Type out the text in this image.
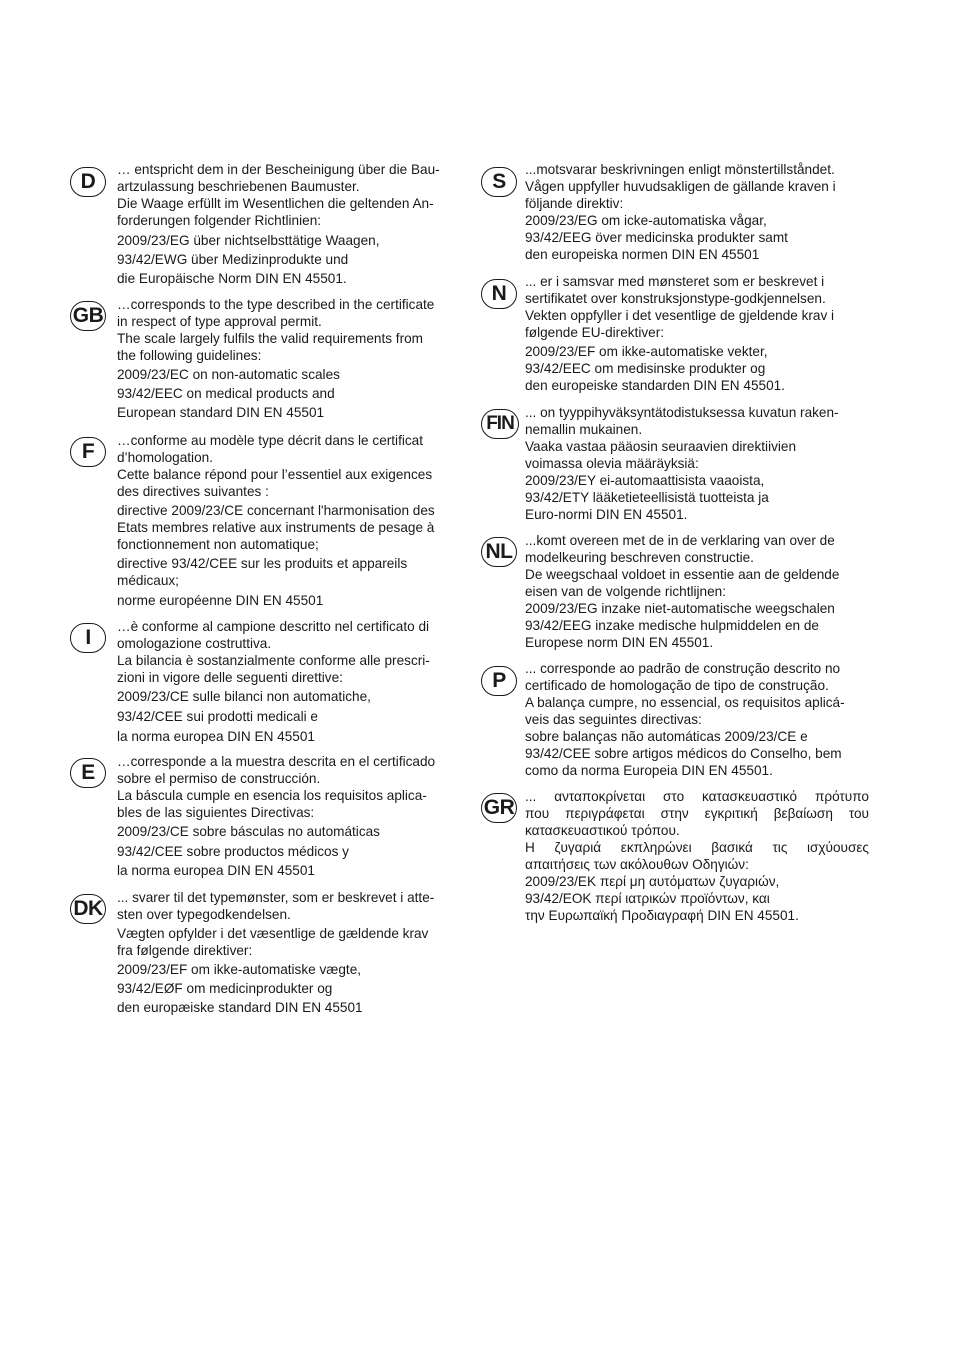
D
… entspricht dem in der Bescheinigung über die Bau-
artzulassung beschriebenen Baumuster.
Die Waage erfüllt im Wesentlichen die geltenden An-
forderungen folgender Richtlinien:
2009/23/EG über nichtselbsttätige Waagen,
93/42/EWG über Medizinprodukte und
die Europäische Norm DIN EN 45501.
GB …corresponds to the type described in the certificate
in respect of type approval permit.
The scale largely fulfils the valid requirements from
the following guidelines:
2009/23/EC on non-automatic scales
93/42/EEC on medical products and
European standard DIN EN 45501
F	…conforme au modèle type décrit dans le certificat
d’homologation.
Cette balance répond pour l’essentiel aux exigences
des directives suivantes :
directive 2009/23/CE concernant l'harmonisation des
Etats membres relative aux instruments de pesage à
fonctionnement non automatique;
directive 93/42/CEE sur les produits et appareils
médicaux;
norme européenne DIN EN 45501
I	…è conforme al campione descritto nel certificato di
omologazione costruttiva.
La bilancia è sostanzialmente conforme alle prescri-
zioni in vigore delle seguenti direttive:
2009/23/CE sulle bilanci non automatiche,
93/42/CEE sui prodotti medicali e
la norma europea DIN EN 45501
E	…corresponde a la muestra descrita en el certificado
sobre el permiso de construcción.
La báscula cumple en esencia los requisitos aplica-
bles de las siguientes Directivas:
2009/23/CE sobre básculas no automáticas
93/42/CEE sobre productos médicos y
la norma europea DIN EN 45501
DK ... svarer til det typemønster, som er beskrevet i atte-
sten over typegodkendelsen.
Vægten opfylder i det væsentlige de gældende krav
fra følgende direktiver:
2009/23/EF om ikke-automatiske vægte,
93/42/EØF om medicinprodukter og
den europæiske standard DIN EN 45501
S
...motsvarar beskrivningen enligt mönstertillståndet.
Vågen uppfyller huvudsakligen de gällande kraven i
följande direktiv:
2009/23/EG om icke-automatiska vågar,
93/42/EEG över medicinska produkter samt
den europeiska normen DIN EN 45501
N
... er i samsvar med mønsteret som er beskrevet i
sertifikatet over konstruksjonstype-godkjennelsen.
Vekten oppfyller i det vesentlige de gjeldende krav i
følgende EU-direktiver:
2009/23/EF om ikke-automatiske vekter,
93/42/EEC om medisinske produkter og
den europeiske standarden DIN EN 45501.
FIN
... on tyyppihyväksyntätodistuksessa kuvatun raken-
nemallin mukainen.
Vaaka vastaa pääosin seuraavien direktiivien
voimassa olevia määräyksiä:
2009/23/EY ei-automaattisista vaaoista,
93/42/ETY lääketieteellisistä tuotteista ja
Euro-normi DIN EN 45501.
NL ...komt overeen met de in de verklaring van over de
modelkeuring beschreven constructie.
De weegschaal voldoet in essentie aan de geldende
eisen van de volgende richtlijnen:
2009/23/EG inzake niet-automatische weegschalen
93/42/EEG inzake medische hulpmiddelen en de
Europese norm DIN EN 45501.
P
... corresponde ao padrão de construção descrito no
certificado de homologação de tipo de construção.
A balança cumpre, no essencial, os requisitos aplicá-
veis das seguintes directivas:
sobre balanças não automáticas 2009/23/CE e
93/42/CEE sobre artigos médicos do Conselho, bem
como da norma Europeia DIN EN 45501.
GR ... ανταποκρίνεται στο κατασκευαστικό πρότυπο
που περιγράφεται στην εγκριτική βεβαίωση του
κατασκευαστικού τρόπου.
Η ζυγαριά εκπληρώνει βασικά τις ισχύουσες
απαιτήσεις των ακόλουθων Οδηγιών:
2009/23/ΕΚ περί μη αυτόματων ζυγαριών,
93/42/ΕΟΚ περί ιατρικών προϊόντων, και
την Ευρωπαϊκή Προδιαγραφή DIN EN 45501.
